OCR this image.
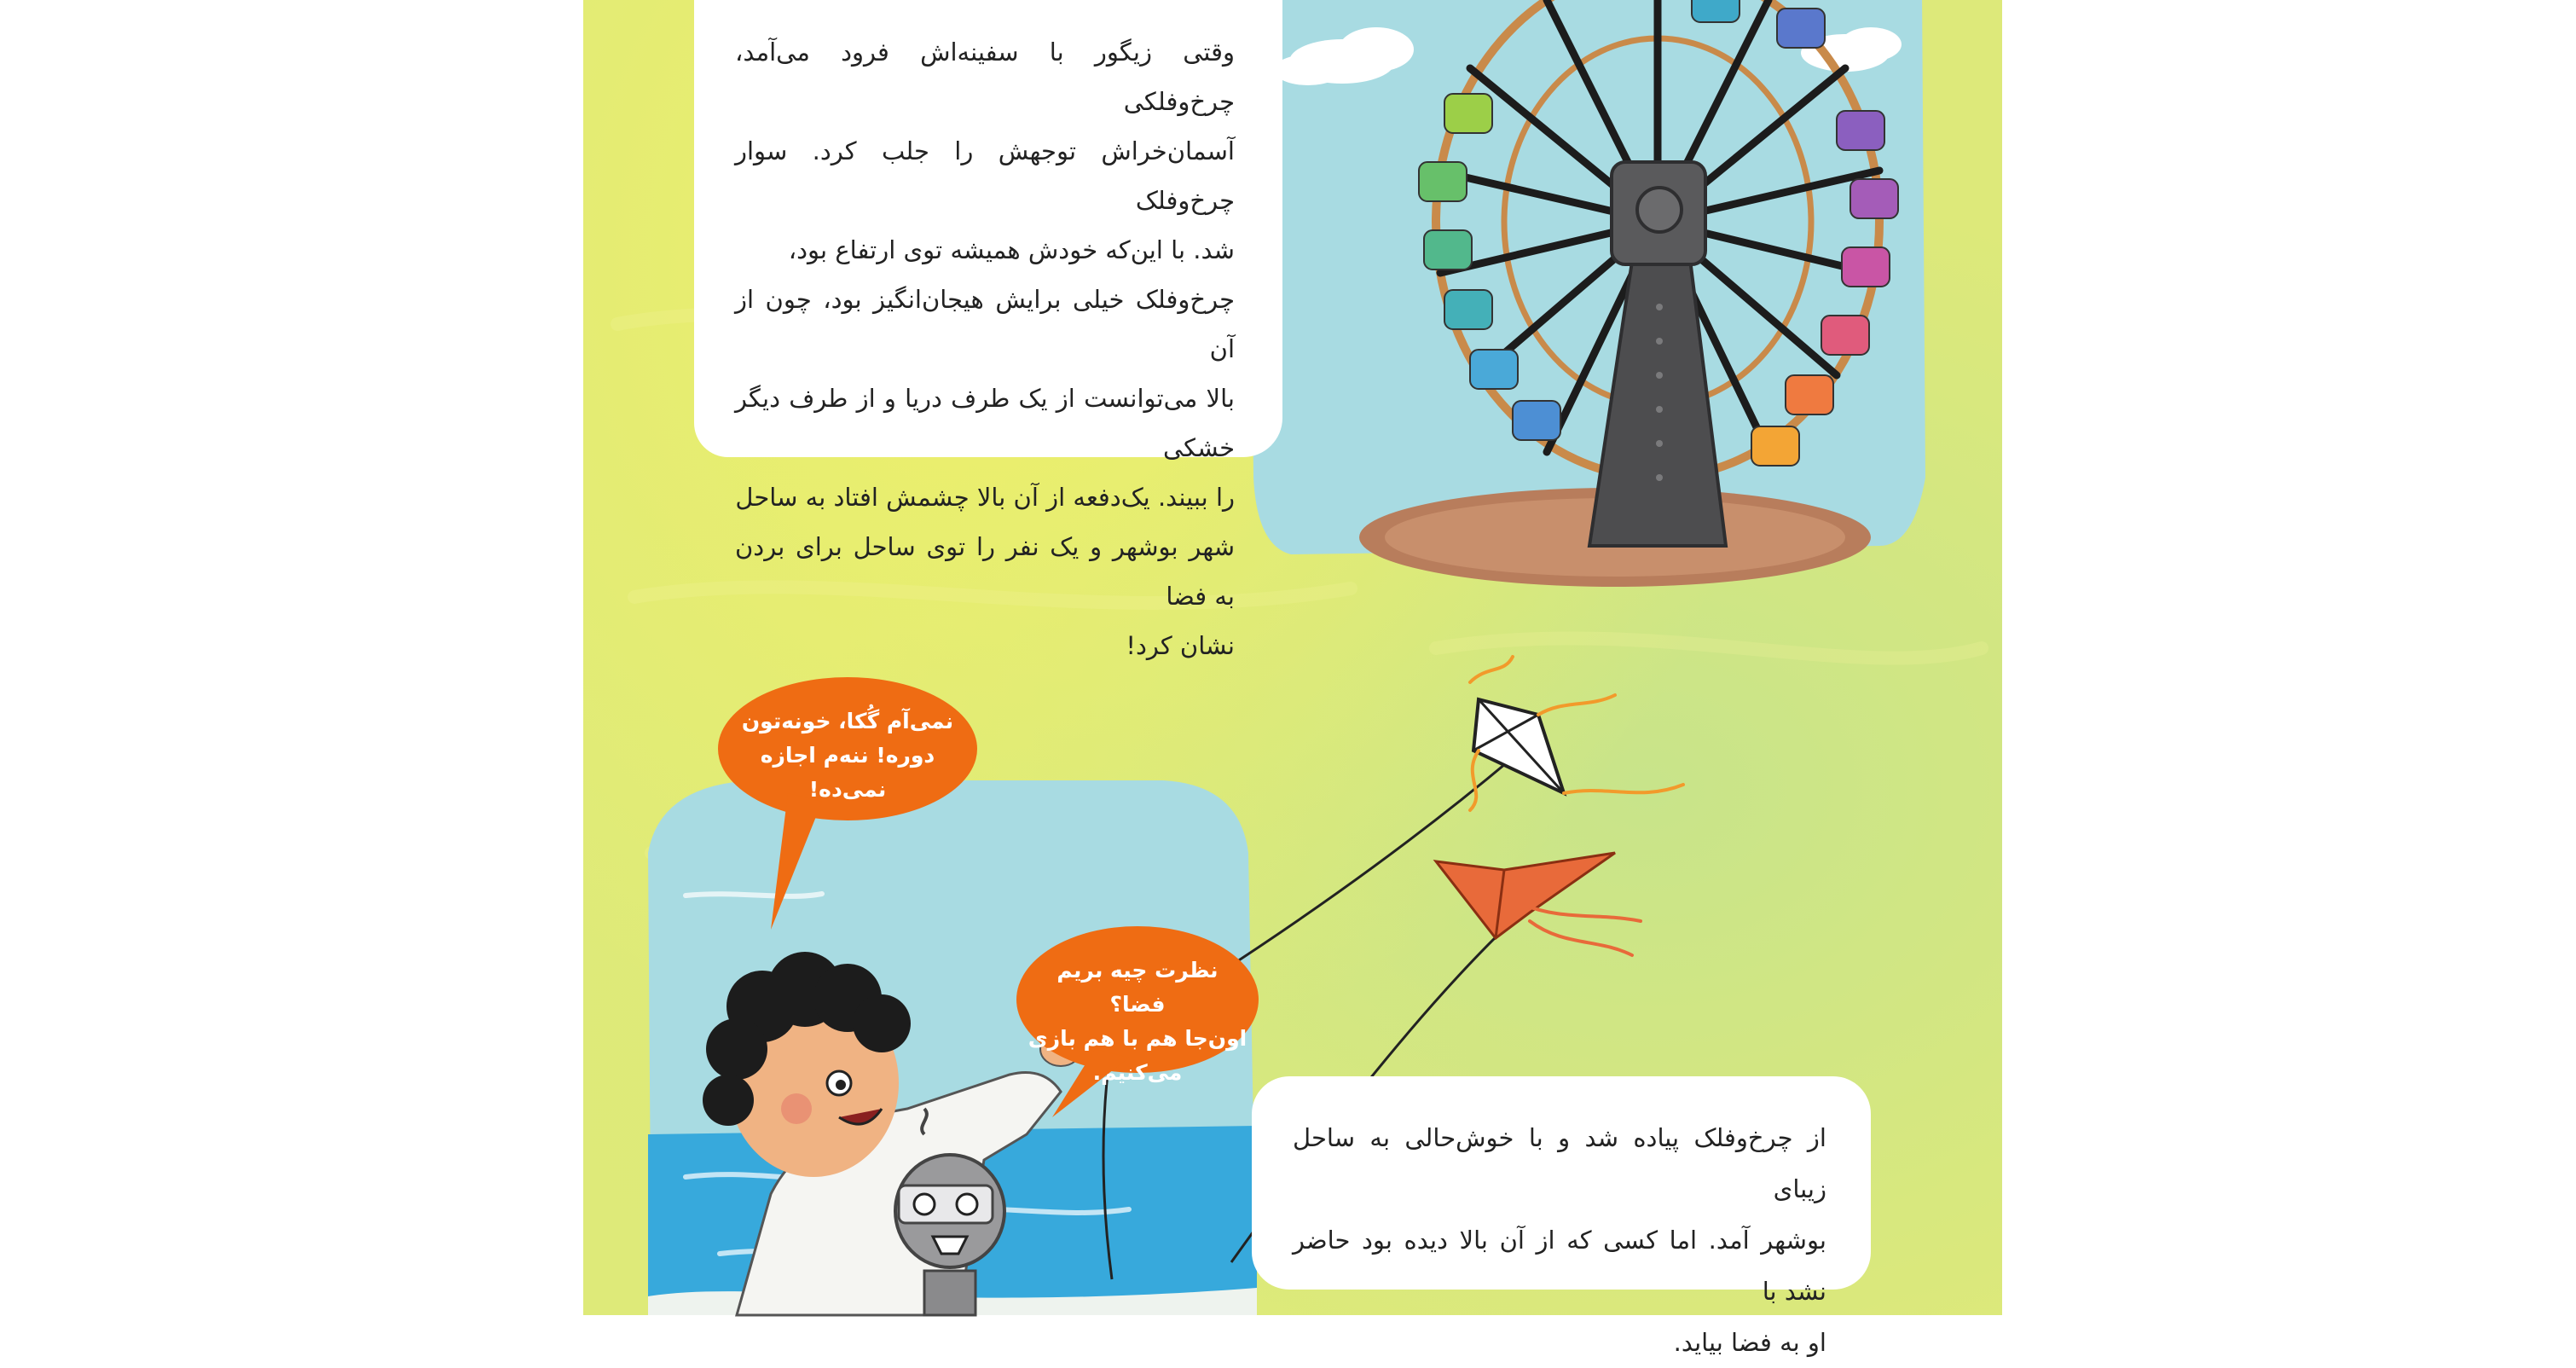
وقتی زیگور با سفینه‌اش فرود می‌آمد، چرخ‌وفلکی
آسمان‌خراش توجهش را جلب کرد. سوار چرخ‌وفلک
شد. با این‌که خودش همیشه توی ارتفاع بود،
چرخ‌وفلک خیلی برایش هیجان‌انگیز بود، چون از آن
بالا می‌توانست از یک طرف دریا و از طرف دیگر خشکی
را ببیند. یک‌دفعه از آن بالا چشمش افتاد به ساحل
شهر بوشهر و یک نفر را توی ساحل برای بردن به فضا
نشان کرد!
از چرخ‌وفلک پیاده شد و با خوش‌حالی به ساحل زیبای
بوشهر آمد. اما کسی که از آن بالا دیده بود حاضر نشد با
او به فضا بیاید.
نمی‌آم گُکا، خونه‌تون
دوره! ننه‌م اجازه
نمی‌ده!
نظرت چیه بریم فضا؟
اون‌جا هم با هم بازی
می‌کنیم.
